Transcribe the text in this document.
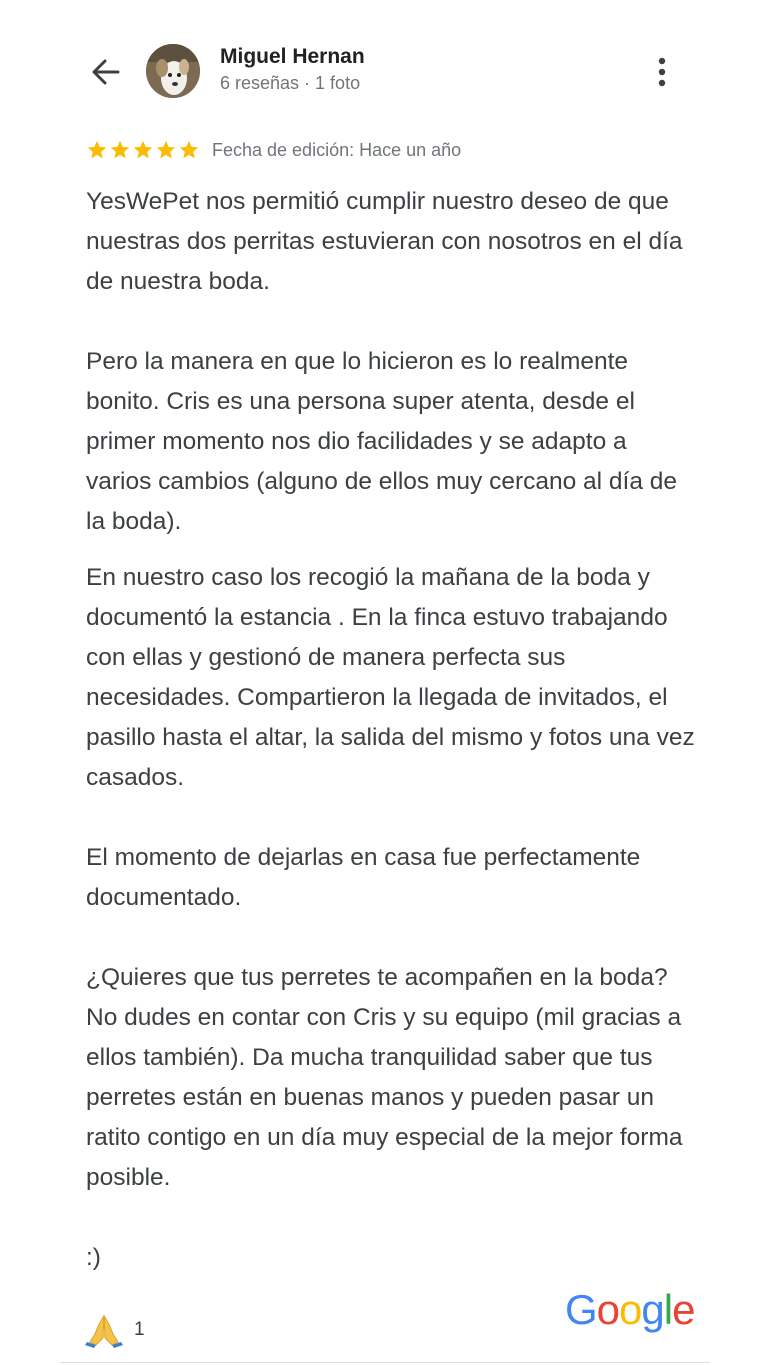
Miguel Hernan
6 reseñas · 1 foto
Fecha de edición: Hace un año

YesWePet nos permitió cumplir nuestro deseo de que nuestras dos perritas estuvieran con nosotros en el día de nuestra boda.

Pero la manera en que lo hicieron es lo realmente bonito. Cris es una persona super atenta, desde el primer momento nos dio facilidades y se adapto a varios cambios (alguno de ellos muy cercano al día de la boda).

En nuestro caso los recogió la mañana de la boda y documentó la estancia . En la finca estuvo trabajando con ellas y gestionó de manera perfecta sus necesidades. Compartieron la llegada de invitados, el pasillo hasta el altar, la salida del mismo y fotos una vez casados.

El momento de dejarlas en casa fue perfectamente documentado.

¿Quieres que tus perretes te acompañen en la boda? No dudes en contar con Cris y su equipo (mil gracias a ellos también). Da mucha tranquilidad saber que tus perretes están en buenas manos y pueden pasar un ratito contigo en un día muy especial de la mejor forma posible.

:)

1	Google
